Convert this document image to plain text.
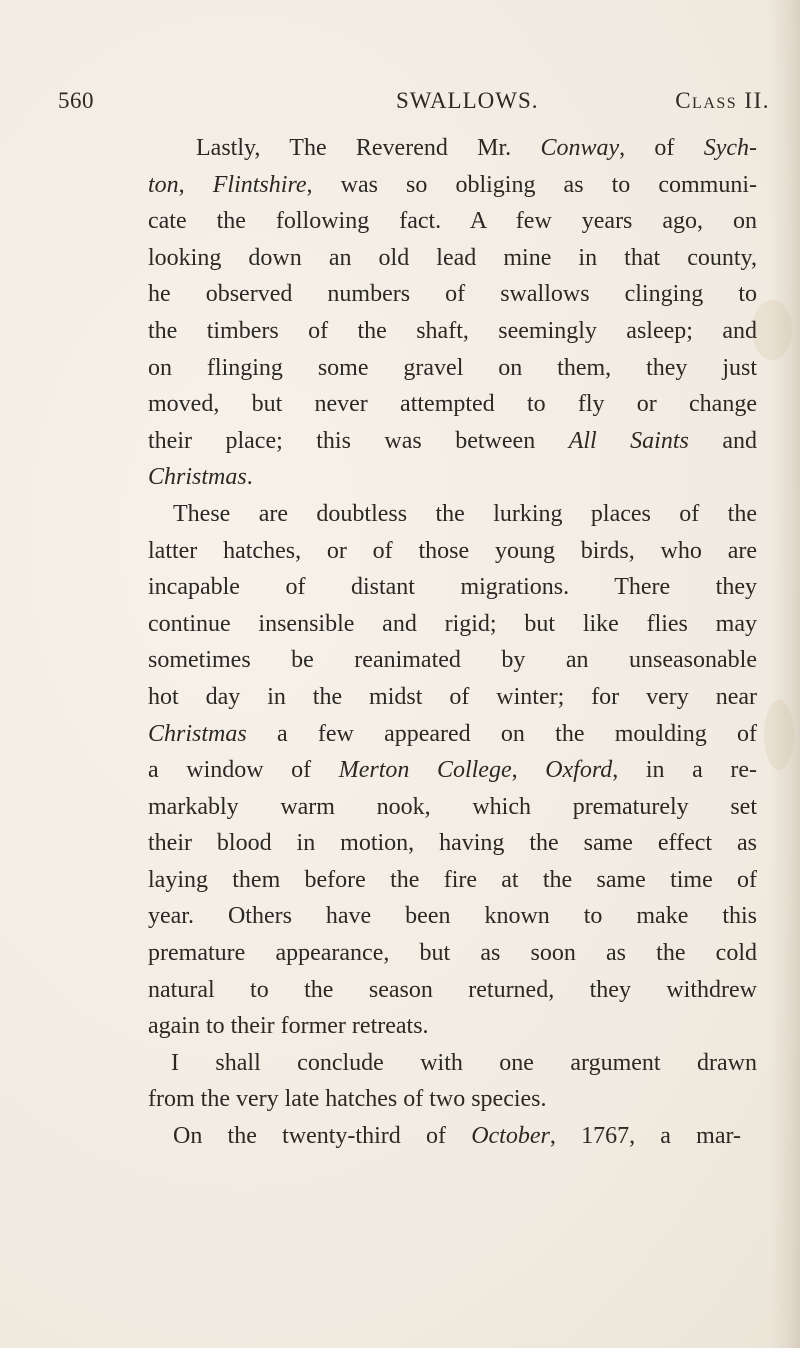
560	SWALLOWS.	Class II.
Lastly, The Reverend Mr. Conway, of Sych-
ton, Flintshire, was so obliging as to communi-
cate the following fact. A few years ago, on
looking down an old lead mine in that county,
he observed numbers of swallows clinging to
the timbers of the shaft, seemingly asleep; and
on flinging some gravel on them, they just
moved, but never attempted to fly or change
their place; this was between All Saints and
Christmas.
These are doubtless the lurking places of the
latter hatches, or of those young birds, who are
incapable of distant migrations. There they
continue insensible and rigid; but like flies may
sometimes be reanimated by an unseasonable
hot day in the midst of winter; for very near
Christmas a few appeared on the moulding of
a window of Merton College, Oxford, in a re-
markably warm nook, which prematurely set
their blood in motion, having the same effect as
laying them before the fire at the same time of
year. Others have been known to make this
premature appearance, but as soon as the cold
natural to the season returned, they withdrew
again to their former retreats.
I shall conclude with one argument drawn
from the very late hatches of two species.
On the twenty-third of October, 1767, a mar-
